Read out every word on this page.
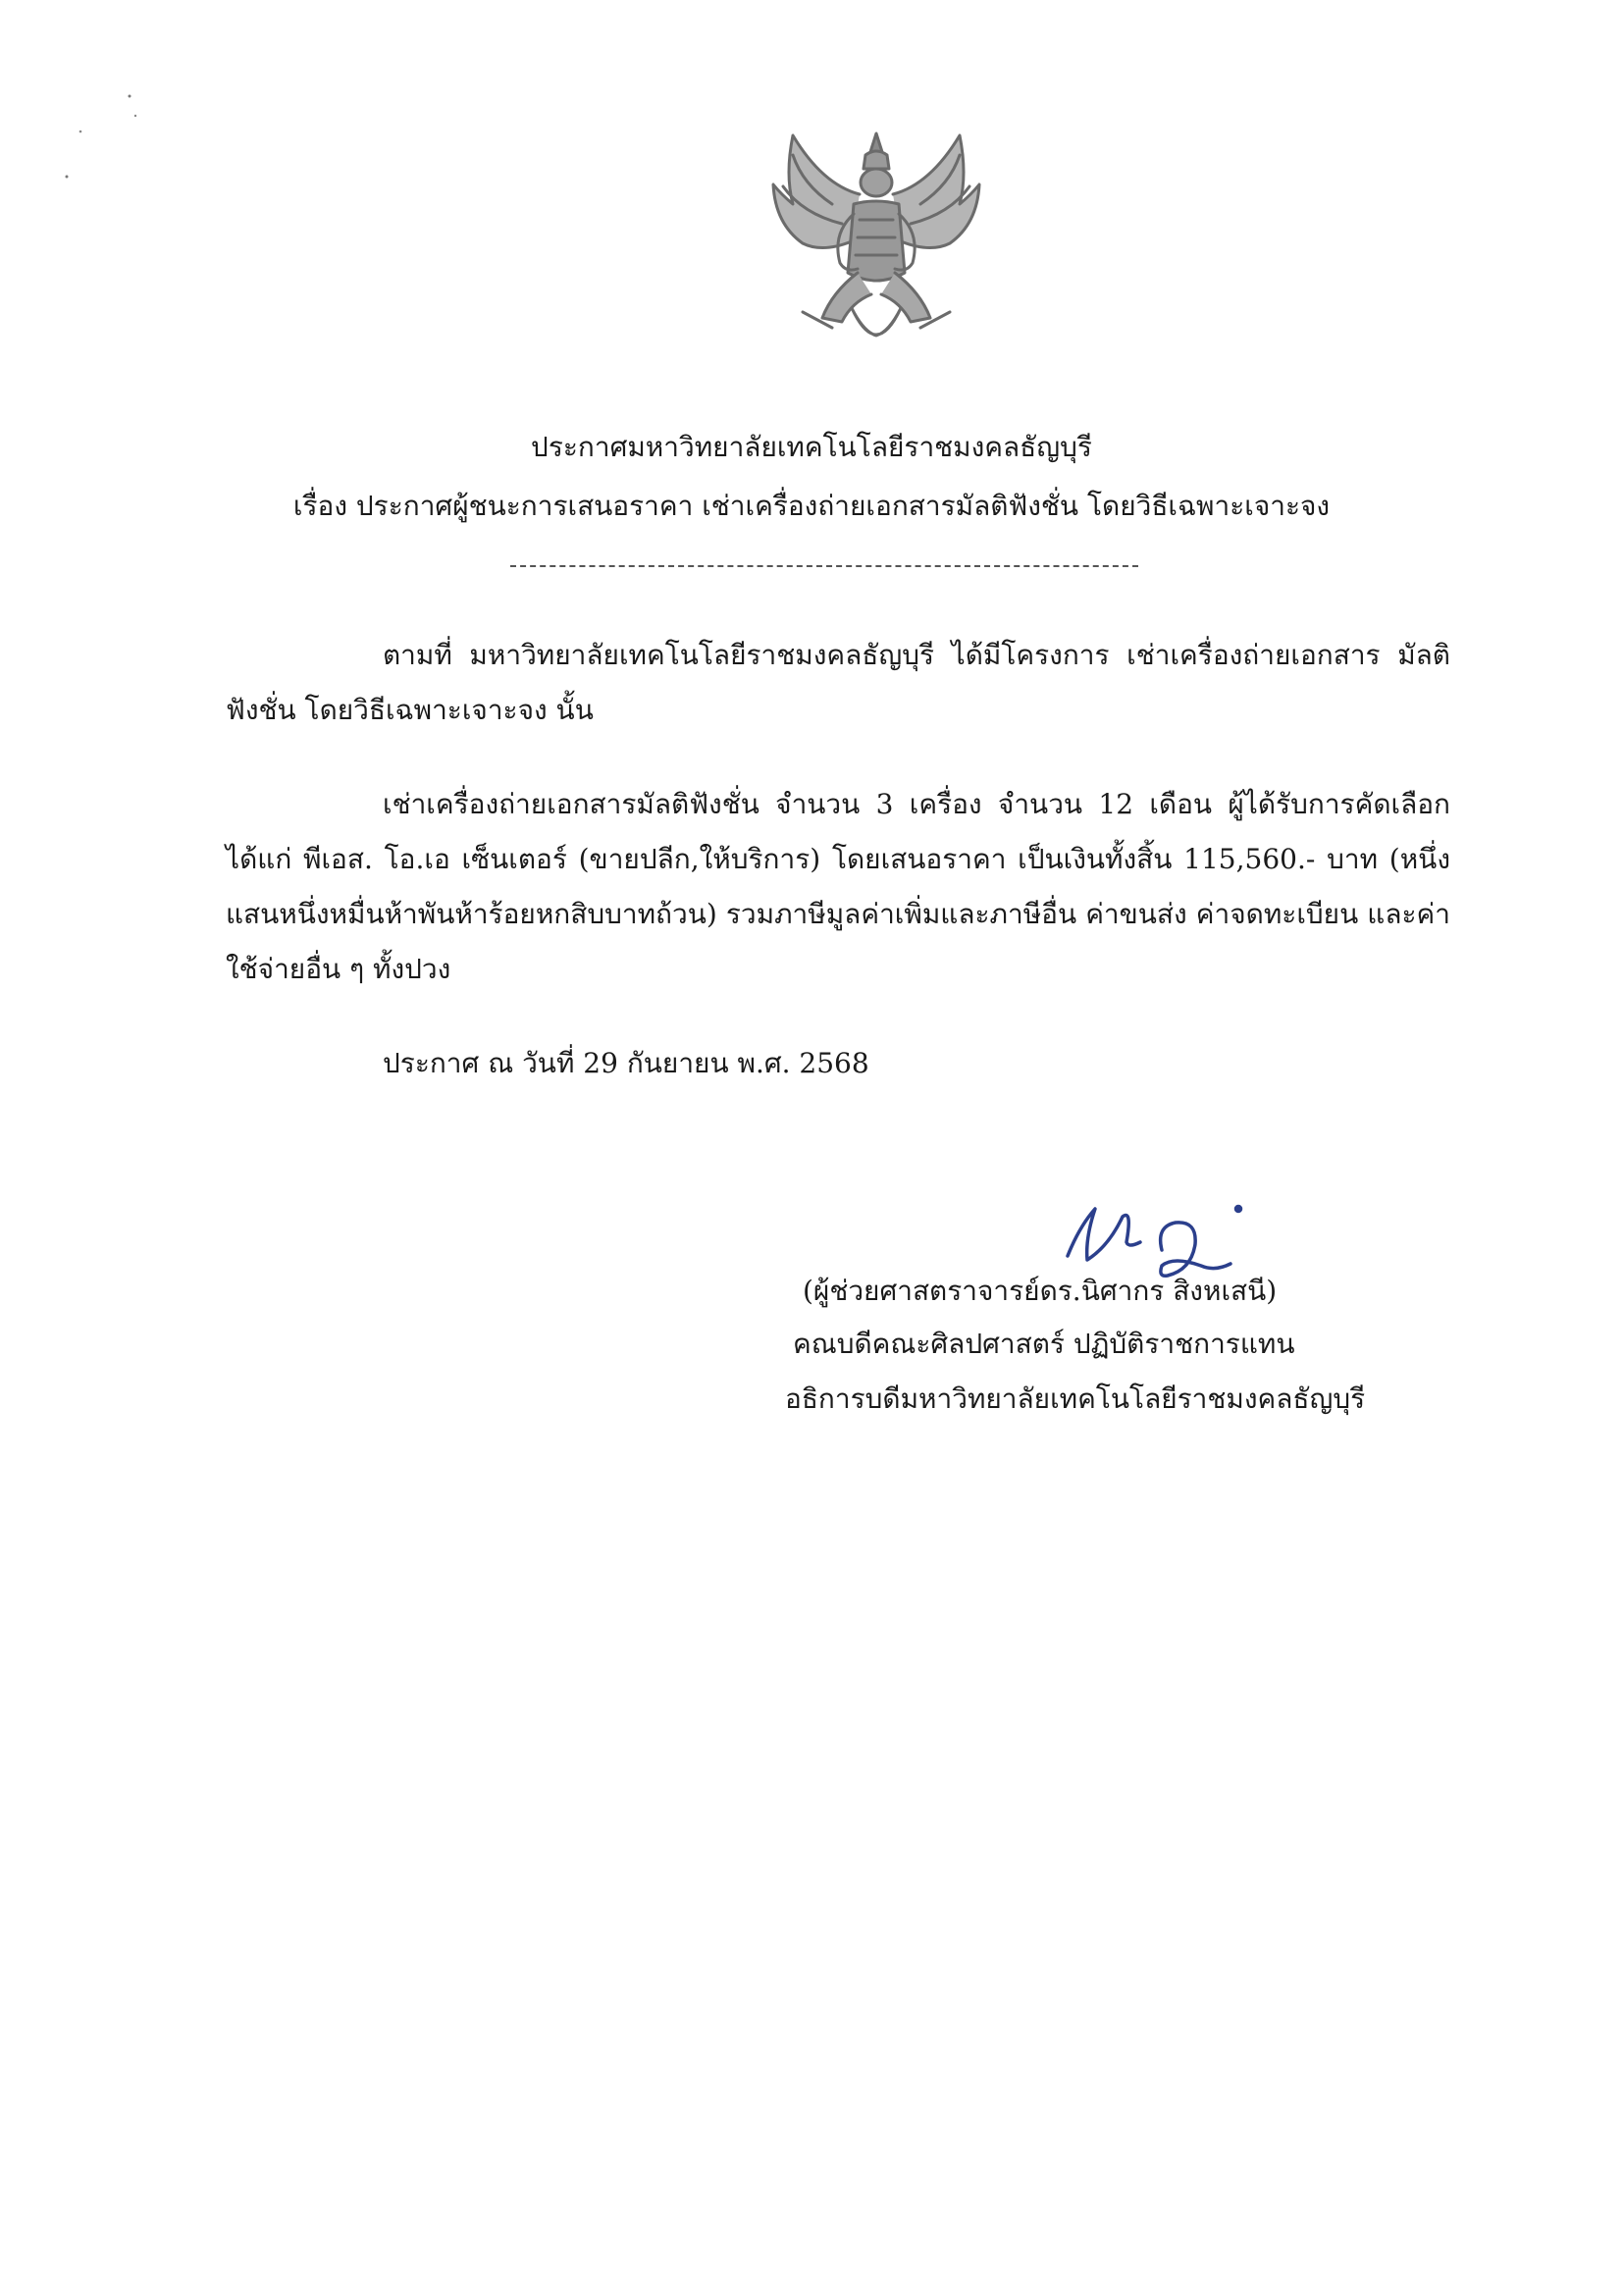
ประกาศมหาวิทยาลัยเทคโนโลยีราชมงคลธัญบุรี
เรื่อง ประกาศผู้ชนะการเสนอราคา เช่าเครื่องถ่ายเอกสารมัลติฟังชั่น โดยวิธีเฉพาะเจาะจง

ตามที่ มหาวิทยาลัยเทคโนโลยีราชมงคลธัญบุรี ได้มีโครงการ เช่าเครื่องถ่ายเอกสาร มัลติฟังชั่น โดยวิธีเฉพาะเจาะจง นั้น

เช่าเครื่องถ่ายเอกสารมัลติฟังชั่น จำนวน 3 เครื่อง จำนวน 12 เดือน ผู้ได้รับการคัดเลือก ได้แก่ พีเอส. โอ.เอ เซ็นเตอร์ (ขายปลีก,ให้บริการ) โดยเสนอราคา เป็นเงินทั้งสิ้น 115,560.- บาท (หนึ่งแสนหนึ่งหมื่นห้าพันห้าร้อยหกสิบบาทถ้วน) รวมภาษีมูลค่าเพิ่มและภาษีอื่น ค่าขนส่ง ค่าจดทะเบียน และค่าใช้จ่ายอื่น ๆ ทั้งปวง

ประกาศ ณ วันที่ 29 กันยายน พ.ศ. 2568

(ผู้ช่วยศาสตราจารย์ดร.นิศากร สิงหเสนี)
คณบดีคณะศิลปศาสตร์ ปฏิบัติราชการแทน
อธิการบดีมหาวิทยาลัยเทคโนโลยีราชมงคลธัญบุรี
